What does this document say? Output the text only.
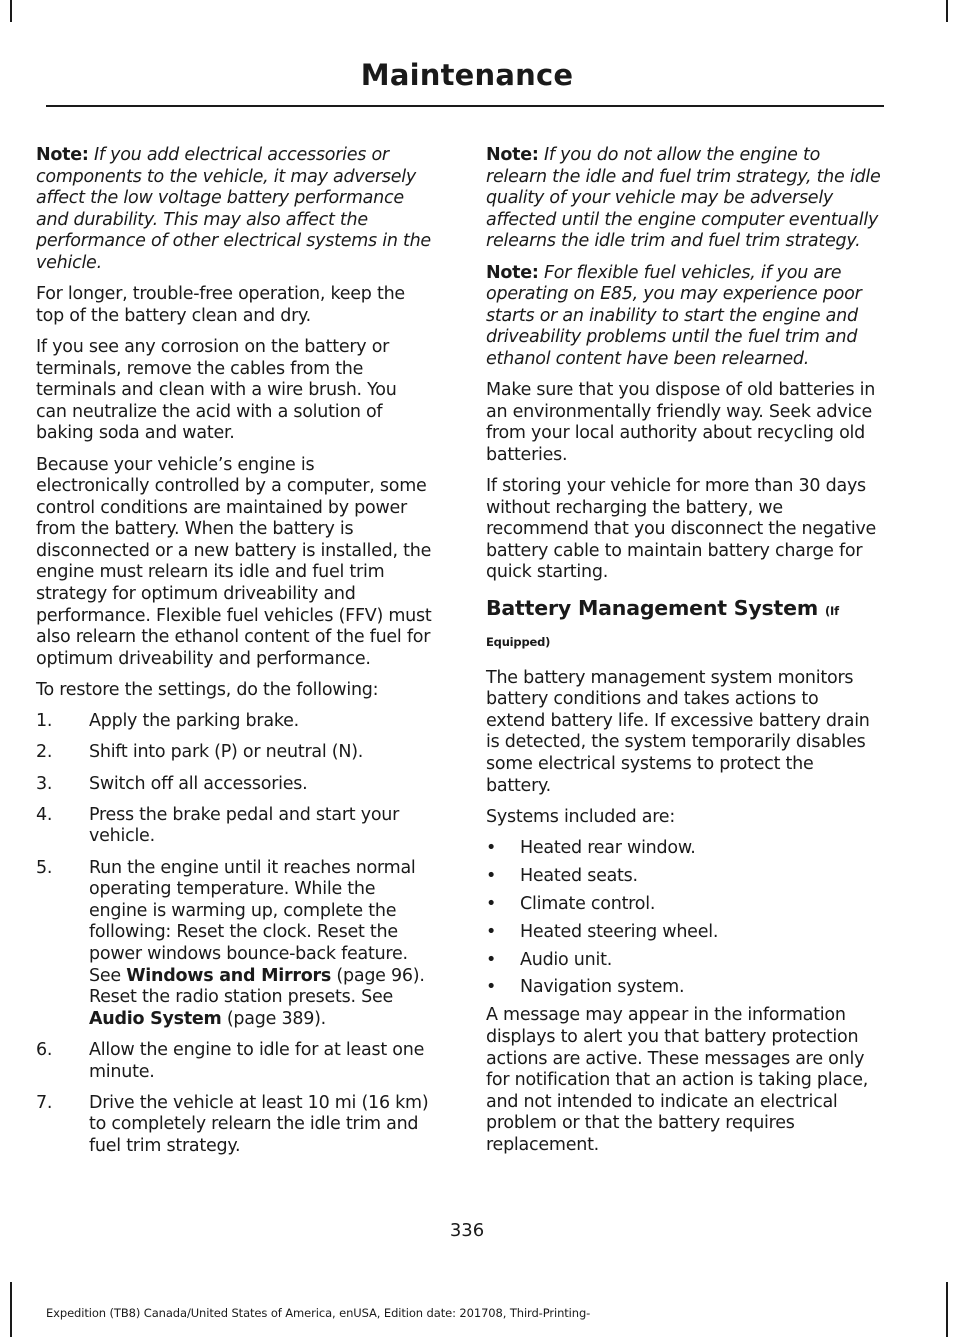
Maintenance

Note: If you add electrical accessories or components to the vehicle, it may adversely affect the low voltage battery performance and durability. This may also affect the performance of other electrical systems in the vehicle.

For longer, trouble-free operation, keep the top of the battery clean and dry.

If you see any corrosion on the battery or terminals, remove the cables from the terminals and clean with a wire brush. You can neutralize the acid with a solution of baking soda and water.

Because your vehicle’s engine is electronically controlled by a computer, some control conditions are maintained by power from the battery. When the battery is disconnected or a new battery is installed, the engine must relearn its idle and fuel trim strategy for optimum driveability and performance. Flexible fuel vehicles (FFV) must also relearn the ethanol content of the fuel for optimum driveability and performance.

To restore the settings, do the following:

1. Apply the parking brake.
2. Shift into park (P) or neutral (N).
3. Switch off all accessories.
4. Press the brake pedal and start your vehicle.
5. Run the engine until it reaches normal operating temperature. While the engine is warming up, complete the following: Reset the clock. Reset the power windows bounce-back feature. See Windows and Mirrors (page 96). Reset the radio station presets. See Audio System (page 389).
6. Allow the engine to idle for at least one minute.
7. Drive the vehicle at least 10 mi (16 km) to completely relearn the idle trim and fuel trim strategy.

Note: If you do not allow the engine to relearn the idle and fuel trim strategy, the idle quality of your vehicle may be adversely affected until the engine computer eventually relearns the idle trim and fuel trim strategy.

Note: For flexible fuel vehicles, if you are operating on E85, you may experience poor starts or an inability to start the engine and driveability problems until the fuel trim and ethanol content have been relearned.

Make sure that you dispose of old batteries in an environmentally friendly way. Seek advice from your local authority about recycling old batteries.

If storing your vehicle for more than 30 days without recharging the battery, we recommend that you disconnect the negative battery cable to maintain battery charge for quick starting.

Battery Management System (If Equipped)

The battery management system monitors battery conditions and takes actions to extend battery life. If excessive battery drain is detected, the system temporarily disables some electrical systems to protect the battery.

Systems included are:

• Heated rear window.
• Heated seats.
• Climate control.
• Heated steering wheel.
• Audio unit.
• Navigation system.

A message may appear in the information displays to alert you that battery protection actions are active. These messages are only for notification that an action is taking place, and not intended to indicate an electrical problem or that the battery requires replacement.

336
Expedition (TB8) Canada/United States of America, enUSA, Edition date: 201708, Third-Printing-
